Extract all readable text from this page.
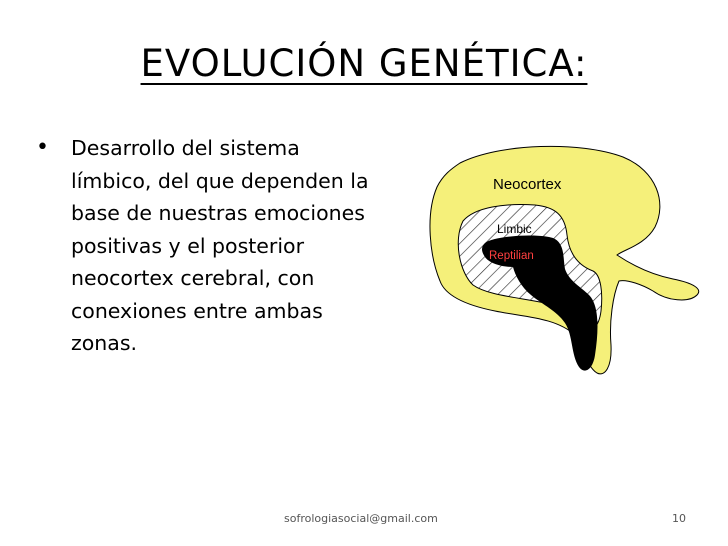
EVOLUCIÓN GENÉTICA:
• Desarrollo del sistema límbico, del que dependen la base de nuestras emociones positivas y el posterior neocortex cerebral, con conexiones entre ambas zonas.
Neocortex
Limbic
Reptilian
sofrologiasocial@gmail.com	10
